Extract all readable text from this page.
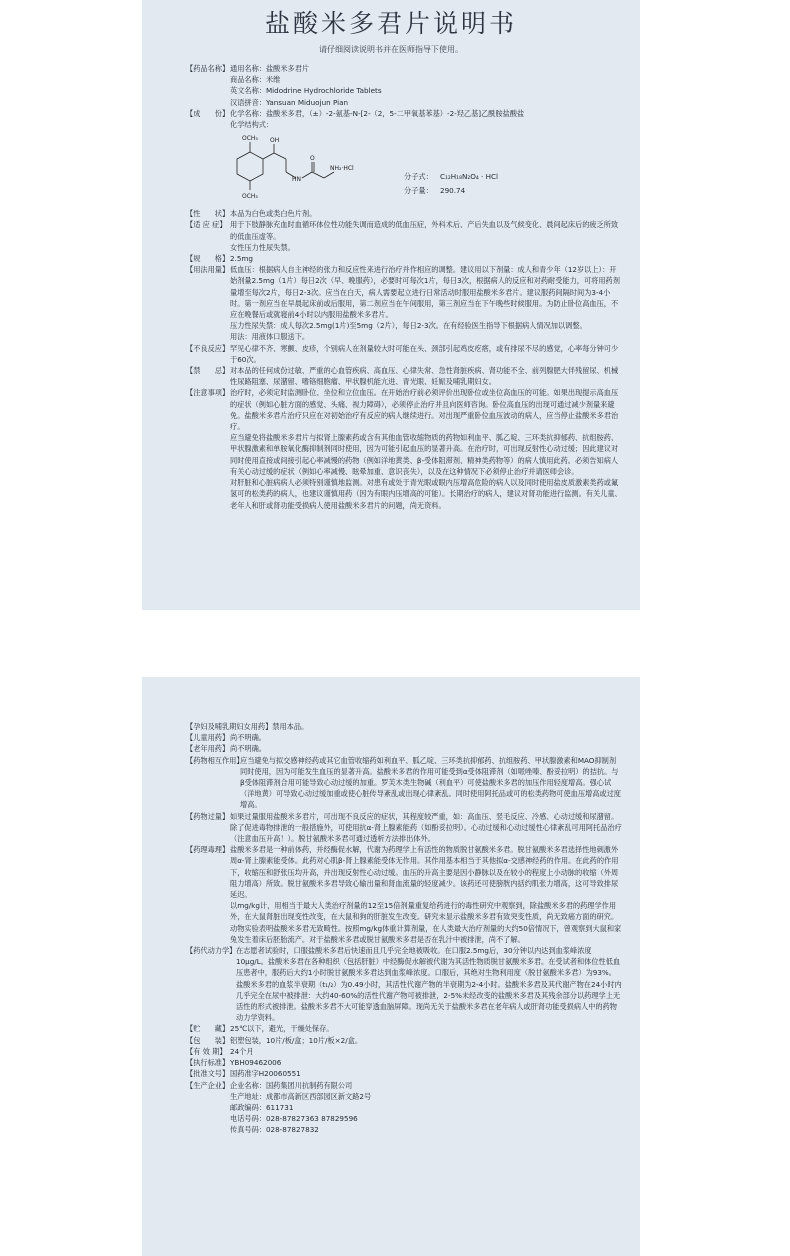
盐酸米多君片说明书
请仔细阅读说明书并在医师指导下使用。
【药品名称】 通用名称： 盐酸米多君片
商品名称： 米维
英文名称： Midodrine Hydrochloride Tablets
汉语拼音： Yansuan Miduojun Pian
【成　　份】 化学名称：盐酸米多君，（±）-2-氨基-N-[2-（2，5-二甲氧基苯基）-2-羟乙基]乙酰胺盐酸盐
化学结构式：
OCH₃ OH
HN
O
NH₂·HCl
OCH₃
分子式： C₁₂H₁₈N₂O₄ · HCl
分子量： 290.74
【性　　状】 本品为白色或类白色片剂。
【适 应 症】 用于下肢静脉充血时血循环体位性功能失调而造成的低血压症，外科术后、产后失血以及气候变化、晨间起床后的疲乏所致的低血压虚等。
女性压力性尿失禁。
【规　　格】 2.5mg
【用法用量】 低血压：根据病人自主神经的张力和反应性来进行治疗并作相应的调整。建议用以下剂量：成人和青少年（12岁以上）：开始剂量2.5mg（1片）每日2次（早、晚服药），必要时可每次1片，每日3次，根据病人的反应和对药耐受能力，可将用药剂量增至每次2片，每日2-3次。应当在白天，病人需要起立进行日常活动时服用盐酸米多君片。建议服药间隔时间为3-4小时。第一剂应当在早晨起床前或后服用，第二剂应当在午间服用，第三剂应当在下午晚些时候服用。为防止卧位高血压，不应在晚餐后或就寝前4小时以内服用盐酸米多君片。
压力性尿失禁：成人每次2.5mg(1片)至5mg（2片），每日2-3次。在有经验医生指导下根据病人情况加以调整。
用法：用液体口服送下。
【不良反应】 罕见心律不齐、寒颤、皮疹，个别病人在剂量较大时可能在头、颈部引起鸡皮疙瘩，或有排尿不尽的感觉，心率每分钟可少于60次。
【禁　　忌】 对本品的任何成份过敏、严重的心血管疾病、高血压、心律失常、急性肾脏疾病、肾功能不全、前列腺肥大伴残留尿、机械性尿路阻塞、尿潴留、嗜铬细胞瘤、甲状腺机能亢进、青光眼、妊娠及哺乳期妇女。
【注意事项】 治疗时，必须定时监测卧位、坐位和立位血压。在开始治疗前必须评价出现卧位或坐位高血压的可能。如果出现提示高血压的症状（例如心脏方面的感觉、头痛、视力障碍），必须停止治疗并且向医师咨询。卧位高血压的出现可通过减少剂量来避免。盐酸米多君片治疗只应在对初始治疗有反应的病人继续进行。对出现严重卧位血压波动的病人，应当停止盐酸米多君治疗。
应当避免将盐酸米多君片与拟肾上腺素药或含有其他血管收缩物质的药物如利血平、胍乙啶、三环类抗抑郁药、抗组胺药、甲状腺激素和单胺氧化酶抑制剂同时使用，因为可能引起血压的显著升高。在治疗时，可出现反射性心动过缓；因此建议对同时使用直接或间接引起心率减慢的药物（例如洋地黄类、β-受体阻滞剂、精神类药物等）的病人慎用此药。必须告知病人有关心动过缓的症状（例如心率减慢、眩晕加重、意识丧失），以及在这种情况下必须停止治疗并请医师会诊。
对肝脏和心脏病病人必须特别谨慎地监测。对患有或处于青光眼或眼内压增高危险的病人以及同时使用盐皮质激素类药或氟氢可的松类药的病人，也建议谨慎用药（因为有眼内压增高的可能）。长期治疗的病人，建议对肾功能进行监测。有关儿童、老年人和肝或肾功能受损病人使用盐酸米多君片的问题，尚无资料。
【孕妇及哺乳期妇女用药】禁用本品。
【儿童用药】 尚不明确。
【老年用药】 尚不明确。
【药物相互作用】
应当避免与拟交感神经药或其它血管收缩药如利血平、胍乙啶、三环类抗抑郁药、抗组胺药、甲状腺激素和MAO抑制剂同时使用，因为可能发生血压的显著升高。盐酸米多君的作用可能受到α受体阻滞剂（如哌唑嗪、酚妥拉明）的拮抗。与β受体阻滞剂合用可能导致心动过缓的加重。罗芙木类生物碱（利血平）可使盐酸米多君的加压作用轻度增高。强心试（洋地黄）可导致心动过缓加重或使心脏传导紊乱或出现心律紊乱。同时使用阿托品或可的松类药物可使血压增高或过度增高。
【药物过量】 如果过量服用盐酸米多君片，可出现不良反应的症状，其程度较严重，如：高血压、竖毛反应、冷感、心动过缓和尿潴留。除了促进毒物排泄的一般措施外，可使用抗α-肾上腺素能药（如酚妥拉明）。心动过缓和心动过缓性心律紊乱可用阿托品治疗（注意血压升高！）。脱甘氨酸米多君可通过透析方法排出体外。
【药理毒理】 盐酸米多君是一种前体药，并经酶促水解，代谢为药理学上有活性的物质脱甘氨酸米多君。脱甘氨酸米多君选择性地刺激外周α-肾上腺素能受体。此药对心肌β-肾上腺素能受体无作用。其作用基本相当于其他拟α-交感神经药的作用。在此药的作用下，收缩压和舒张压均升高，并出现反射性心动过缓。血压的升高主要是因小静脉以及在较小的程度上小动脉的收缩（外周阻力增高）所致。脱甘氨酸米多君导致心输出量和肾血流量的轻度减少。该药还可使膀胱内括约肌张力增高，这可导致排尿延迟。
以mg/kg计，用相当于最大人类治疗剂量的12至15倍剂量重复给药进行的毒性研究中观察到，除盐酸米多君的药理学作用外，在大鼠肾脏出现变性改变，在大鼠和狗的肝脏发生改变。研究未显示盐酸米多君有致突变性质，尚无致癌方面的研究。
动物实验表明盐酸米多君无致畸性。按照mg/kg体重计算剂量，在人类最大治疗剂量的大约50倍情况下，曾观察到大鼠和家兔发生着床后胚胎流产。对于盐酸米多君或脱甘氨酸米多君是否在乳汁中被排泄，尚不了解。
【药代动力学】 在志愿者试验时，口服盐酸米多君后快速而且几乎完全地被吸收。在口服2.5mg后，30分钟以内达到血浆峰浓度10μg/L。盐酸米多君在各种组织（包括肝脏）中经酶促水解被代谢为其活性物质脱甘氨酸米多君。在受试者和体位性低血压患者中，服药后大约1小时脱甘氨酸米多君达到血浆峰浓度。口服后，其绝对生物利用度（脱甘氨酸米多君）为93%。盐酸米多君的血浆半衰期（t₁/₂）为0.49小时，其活性代谢产物的半衰期为2-4小时。盐酸米多君及其代谢产物在24小时内几乎完全在尿中被排泄：大约40-60%的活性代谢产物可被排泄，2-5%未经改变的盐酸米多君及其残余部分以药理学上无活性的形式被排泄。盐酸米多君不大可能穿透血脑屏障。现尚无关于盐酸米多君在老年病人或肝肾功能受损病人中的药物动力学资料。
【贮　　藏】 25℃以下，避光，干燥处保存。
【包　　装】 铝塑包装，10片/板/盒；10片/板×2/盒。
【有 效 期】 24个月
【执行标准】 YBH09462006
【批准文号】 国药准字H20060551
【生产企业】 企业名称： 国药集团川抗制药有限公司
生产地址： 成都市高新区西部园区新文路2号
邮政编码： 611731
电话号码： 028-87827363 87829596
传真号码： 028-87827832
